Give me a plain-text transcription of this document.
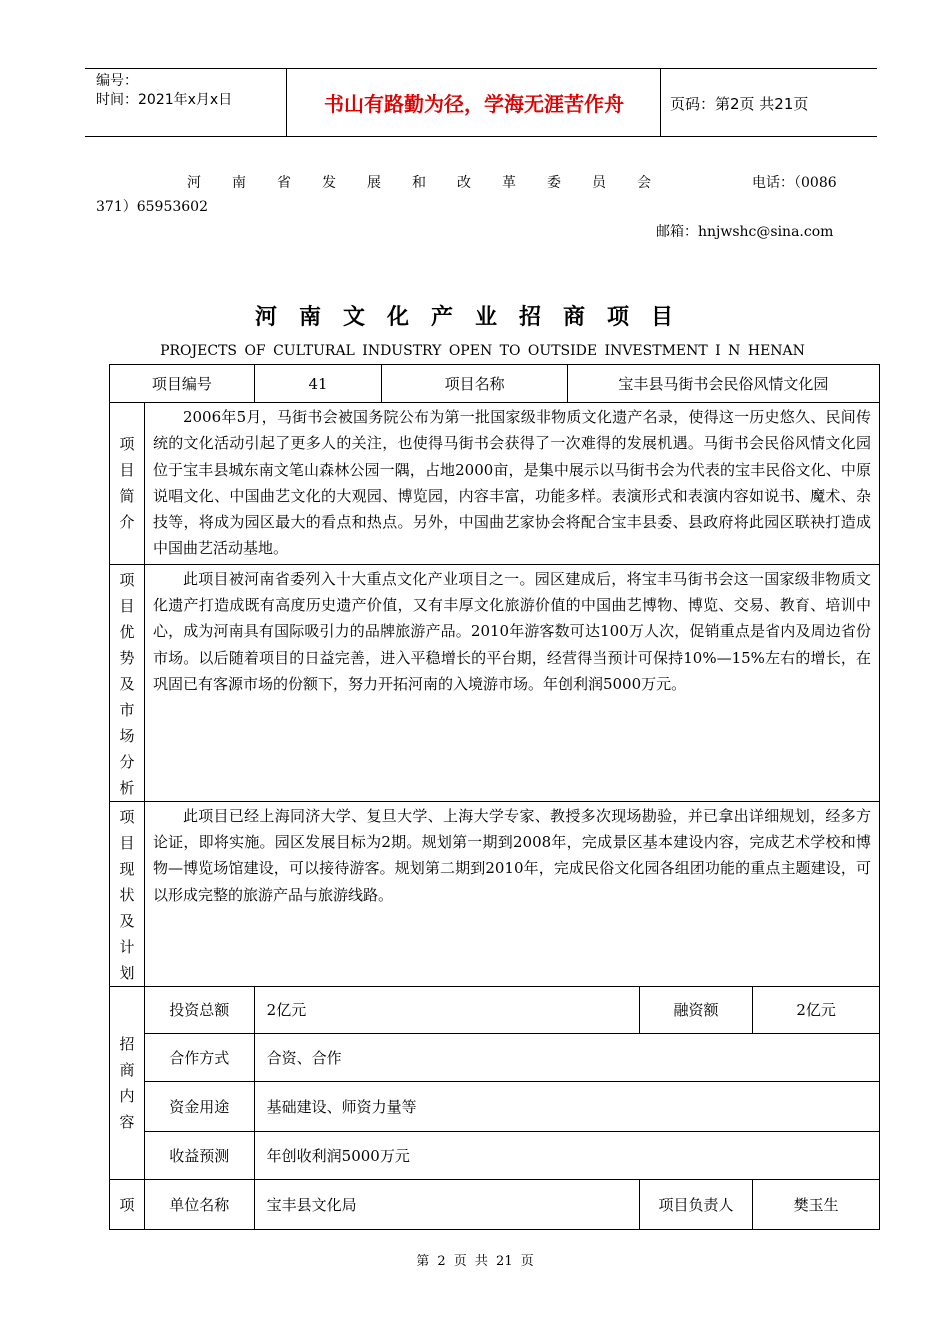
编号：
时间：2021年x月x日	书山有路勤为径，学海无涯苦作舟	页码：第2页 共21页
河南省发展和改革委员会	电话：（0086
371）65953602
邮箱：hnjwshc@sina.com
河南文化产业招商项目
PROJECTS OF CULTURAL INDUSTRY OPEN TO OUTSIDE INVESTMENT I N HENAN
项目编号		41	项目名称	宝丰县马街书会民俗风情文化园		
项目简介	2006年5月，马街书会被国务院公布为第一批国家级非物质文化遗产名录，使得这一历史悠久、民间传统的文化活动引起了更多人的关注，也使得马街书会获得了一次难得的发展机遇。马街书会民俗风情文化园位于宝丰县城东南文笔山森林公园一隅，占地2000亩，是集中展示以马街书会为代表的宝丰民俗文化、中原说唱文化、中国曲艺文化的大观园、博览园，内容丰富，功能多样。表演形式和表演内容如说书、魔术、杂技等，将成为园区最大的看点和热点。另外，中国曲艺家协会将配合宝丰县委、县政府将此园区联袂打造成中国曲艺活动基地。					
项目优势及市场分析	此项目被河南省委列入十大重点文化产业项目之一。园区建成后，将宝丰马街书会这一国家级非物质文化遗产打造成既有高度历史遗产价值，又有丰厚文化旅游价值的中国曲艺博物、博览、交易、教育、培训中心，成为河南具有国际吸引力的品牌旅游产品。2010年游客数可达100万人次，促销重点是省内及周边省份市场。以后随着项目的日益完善，进入平稳增长的平台期，经营得当预计可保持10%—15%左右的增长，在巩固已有客源市场的份额下，努力开拓河南的入境游市场。年创利润5000万元。					
项目现状及计划	此项目已经上海同济大学、复旦大学、上海大学专家、教授多次现场勘验，并已拿出详细规划，经多方论证，即将实施。园区发展目标为2期。规划第一期到2008年，完成景区基本建设内容，完成艺术学校和博物—博览场馆建设，可以接待游客。规划第二期到2010年，完成民俗文化园各组团功能的重点主题建设，可以形成完整的旅游产品与旅游线路。					
招商内容	投资总额	2亿元			融资额	2亿元
	合作方式	合资、合作				
	资金用途	基础建设、师资力量等				
	收益预测	年创收利润5000万元				
项	单位名称	宝丰县文化局			项目负责人	樊玉生
第 2 页 共 21 页
